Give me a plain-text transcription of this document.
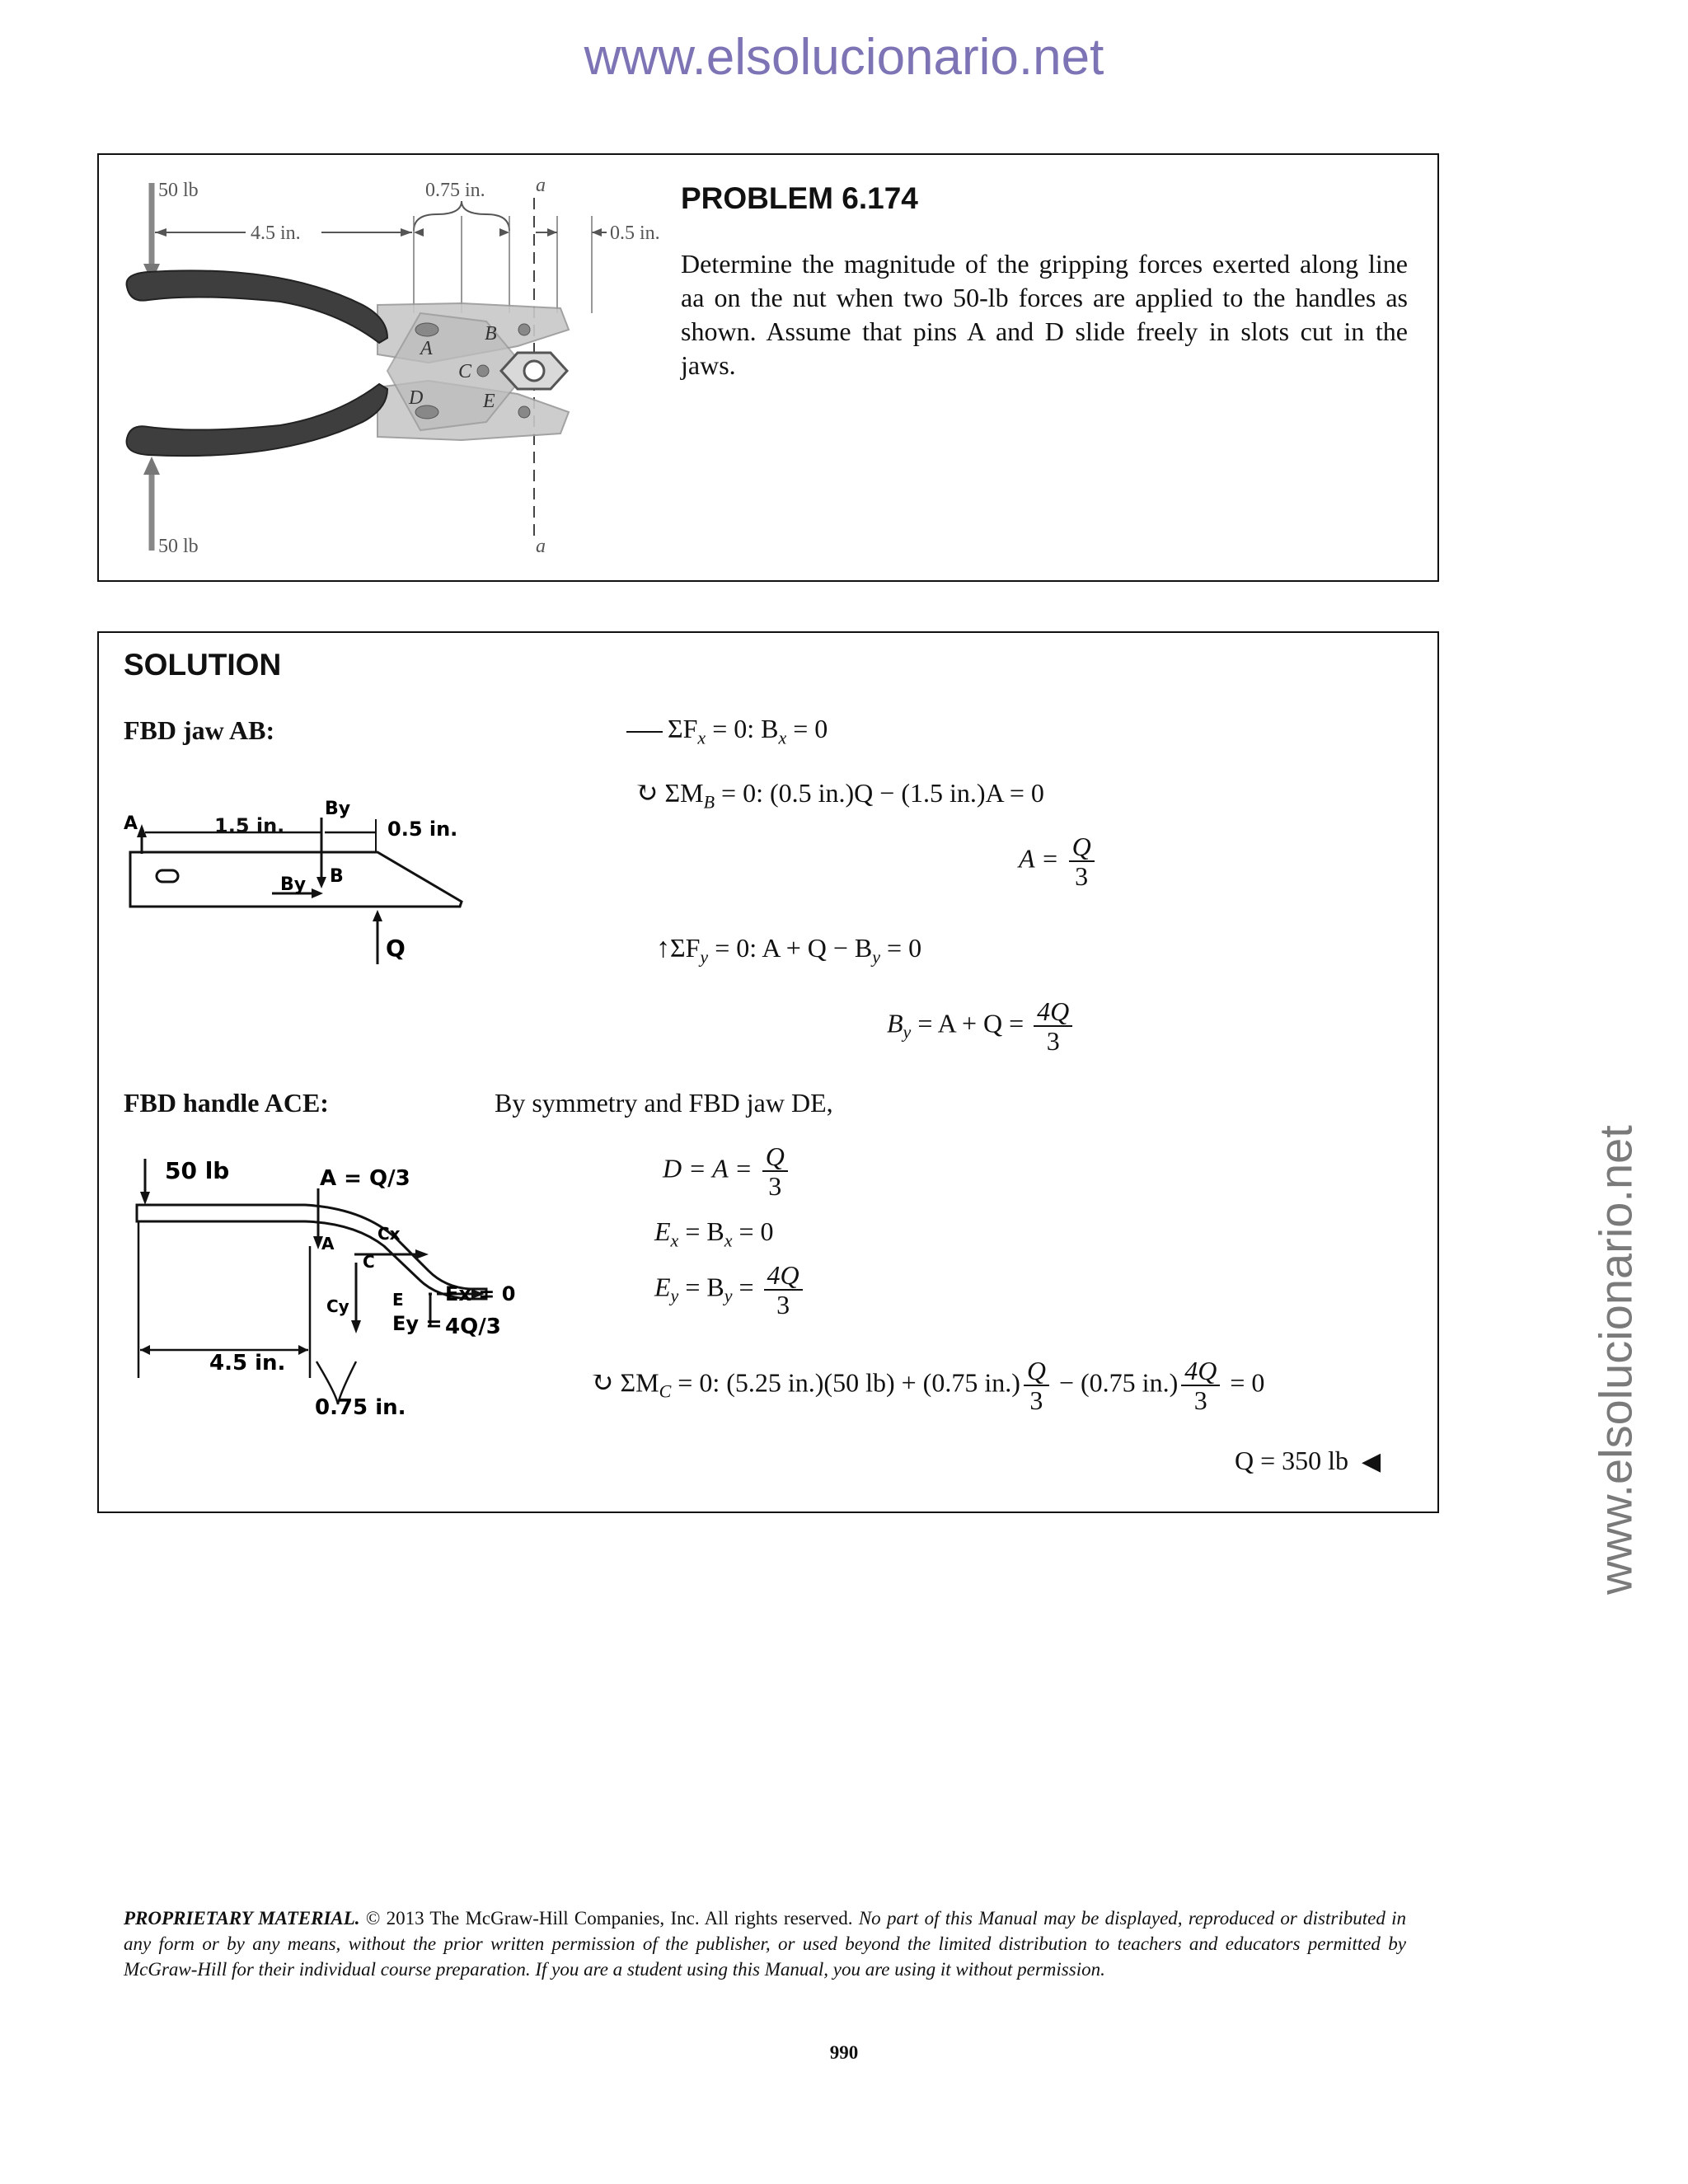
www.elsolucionario.net
www.elsolucionario.net
50 lb
50 lb
4.5 in.
0.75 in.
0.5 in.
a
a
A
B
C
D	E
PROBLEM 6.174
Determine the magnitude of the gripping forces exerted along line aa on the nut when two 50-lb forces are applied to the handles as shown. Assume that pins A and D slide freely in slots cut in the jaws.
SOLUTION
FBD jaw AB:
A	1.5 in.
By
0.5 in.
B
By
Q
$\Sigma F_x = 0$: $B_x = 0$
↻ $\Sigma M_B = 0$: (0.5 in.)Q − (1.5 in.)A = 0
$A = \frac{Q}{3}$
$↑\Sigma F_y = 0$: $A + Q - B_y = 0$
$B_y = A + Q = \frac{4Q}{3}$
FBD handle ACE:	By symmetry and FBD jaw DE,
50 lb	A = Q/3
A
C
Cx
Cy	E Ex = 0
Ey = 4Q/3
4.5 in.
0.75 in.
$D = A = \frac{Q}{3}$
$E_x = B_x = 0$
$E_y = B_y = \frac{4Q}{3}$
↻ $\Sigma M_C = 0$: (5.25 in.)(50 lb) + (0.75 $in.) \frac{Q}{3} - (0.75$ $in.) \frac{4Q}{3} = 0$
Q = 350 lb ◀
PROPRIETARY MATERIAL. © 2013 The McGraw-Hill Companies, Inc. All rights reserved. No part of this Manual may be displayed, reproduced or distributed in any form or by any means, without the prior written permission of the publisher, or used beyond the limited distribution to teachers and educators permitted by McGraw-Hill for their individual course preparation. If you are a student using this Manual, you are using it without permission.
990
